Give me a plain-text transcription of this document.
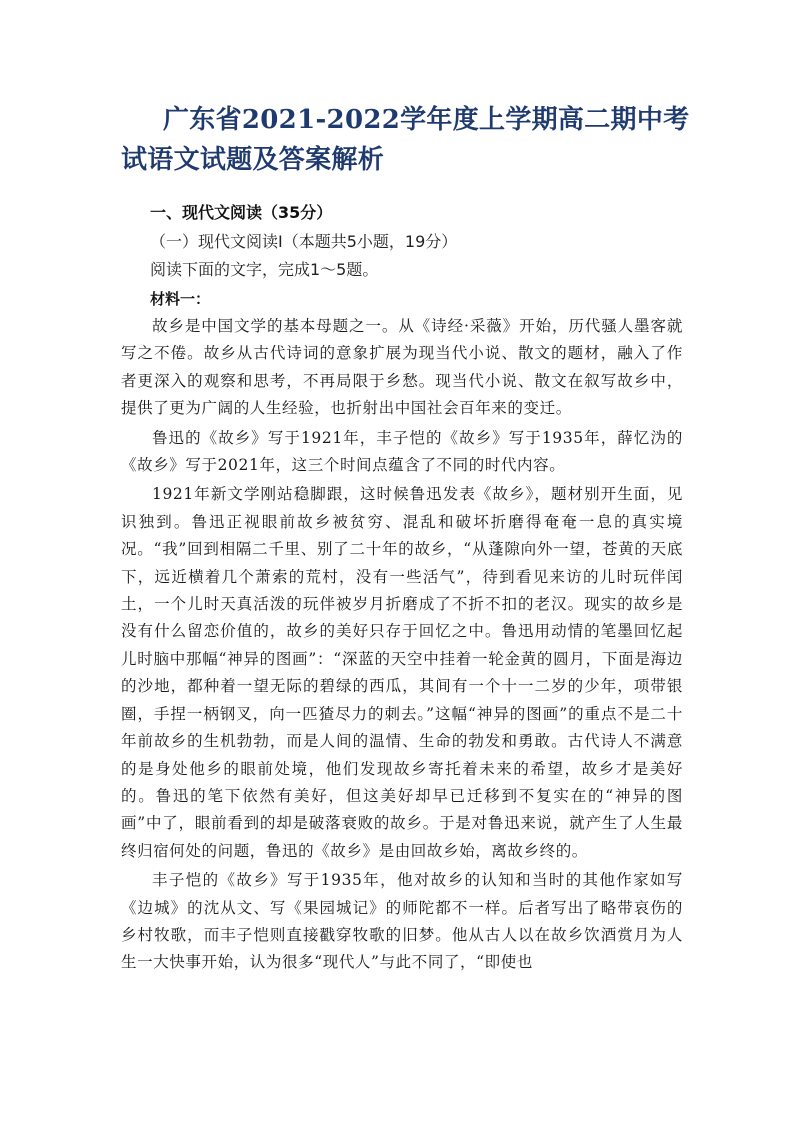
广东省2021-2022学年度上学期高二期中考试语文试题及答案解析
一、现代文阅读（35分）
（一）现代文阅读Ⅰ（本题共5小题，19分）
阅读下面的文字，完成1～5题。
材料一：

故乡是中国文学的基本母题之一。从《诗经·采薇》开始，历代骚人墨客就写之不倦。故乡从古代诗词的意象扩展为现当代小说、散文的题材，融入了作者更深入的观察和思考，不再局限于乡愁。现当代小说、散文在叙写故乡中，提供了更为广阔的人生经验，也折射出中国社会百年来的变迁。

鲁迅的《故乡》写于1921年，丰子恺的《故乡》写于1935年，薛忆沩的《故乡》写于2021年，这三个时间点蕴含了不同的时代内容。

1921年新文学刚站稳脚跟，这时候鲁迅发表《故乡》，题材别开生面，见识独到。鲁迅正视眼前故乡被贫穷、混乱和破坏折磨得奄奄一息的真实境况。“我”回到相隔二千里、别了二十年的故乡，“从蓬隙向外一望，苍黄的天底下，远近横着几个萧索的荒村，没有一些活气”，待到看见来访的儿时玩伴闰土，一个儿时天真活泼的玩伴被岁月折磨成了不折不扣的老汉。现实的故乡是没有什么留恋价值的，故乡的美好只存于回忆之中。鲁迅用动情的笔墨回忆起儿时脑中那幅“神异的图画”：“深蓝的天空中挂着一轮金黄的圆月，下面是海边的沙地，都种着一望无际的碧绿的西瓜，其间有一个十一二岁的少年，项带银圈，手捏一柄钢叉，向一匹猹尽力的刺去。”这幅“神异的图画”的重点不是二十年前故乡的生机勃勃，而是人间的温情、生命的勃发和勇敢。古代诗人不满意的是身处他乡的眼前处境，他们发现故乡寄托着未来的希望，故乡才是美好的。鲁迅的笔下依然有美好，但这美好却早已迁移到不复实在的“神异的图画”中了，眼前看到的却是破落衰败的故乡。于是对鲁迅来说，就产生了人生最终归宿何处的问题，鲁迅的《故乡》是由回故乡始，离故乡终的。

丰子恺的《故乡》写于1935年，他对故乡的认知和当时的其他作家如写《边城》的沈从文、写《果园城记》的师陀都不一样。后者写出了略带哀伤的乡村牧歌，而丰子恺则直接戳穿牧歌的旧梦。他从古人以在故乡饮酒赏月为人生一大快事开始，认为很多“现代人”与此不同了，“即使也
